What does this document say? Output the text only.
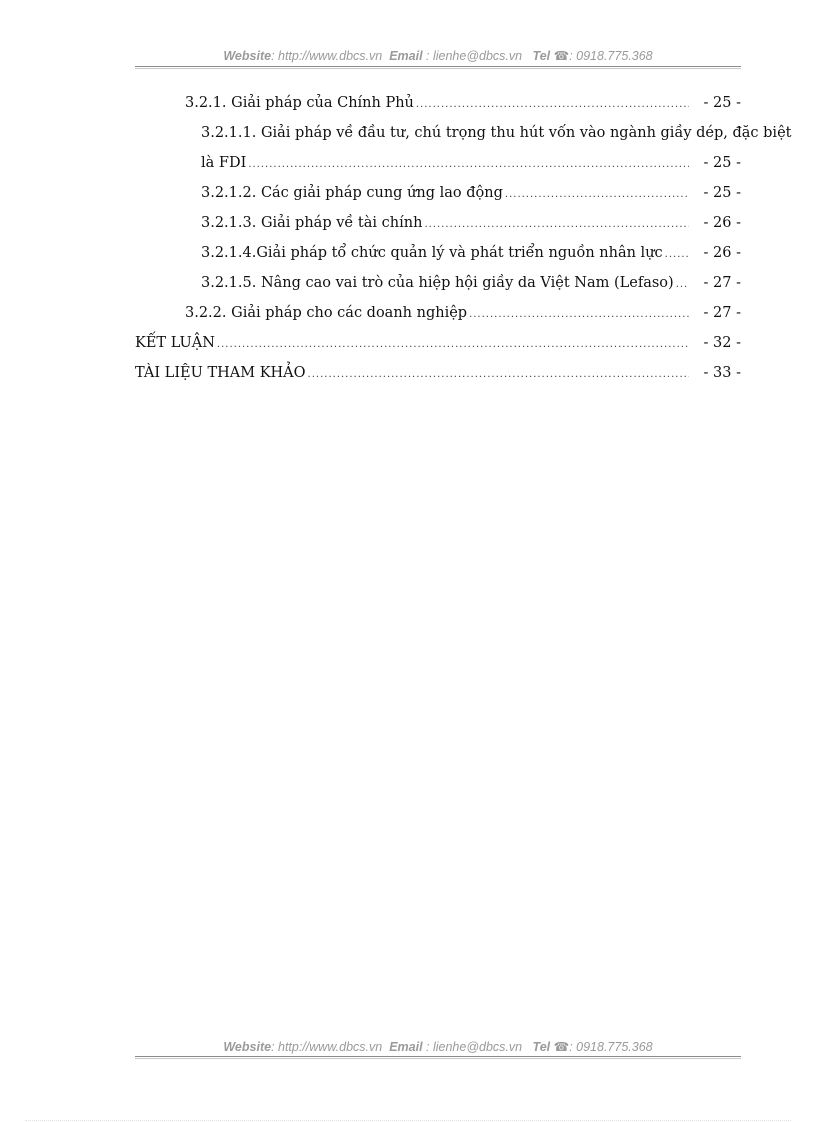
Website: http://www.dbcs.vn Email : lienhe@dbcs.vn Tel ☎: 0918.775.368
3.2.1. Giải pháp của Chính Phủ .....	- 25 -
3.2.1.1. Giải pháp về đầu tư, chú trọng thu hút vốn vào ngành giầy dép, đặc biệt
là FDI .....	- 25 -
3.2.1.2. Các giải pháp cung ứng lao động .....	- 25 -
3.2.1.3. Giải pháp về tài chính .....	- 26 -
3.2.1.4.Giải pháp tổ chức quản lý và phát triển nguồn nhân lực .....	- 26 -
3.2.1.5. Nâng cao vai trò của hiệp hội giầy da Việt Nam (Lefaso) .....	- 27 -
3.2.2. Giải pháp cho các doanh nghiệp .....	- 27 -
KẾT LUẬN .....	- 32 -
TÀI LIỆU THAM KHẢO .....	- 33 -
Website: http://www.dbcs.vn Email : lienhe@dbcs.vn Tel ☎: 0918.775.368
